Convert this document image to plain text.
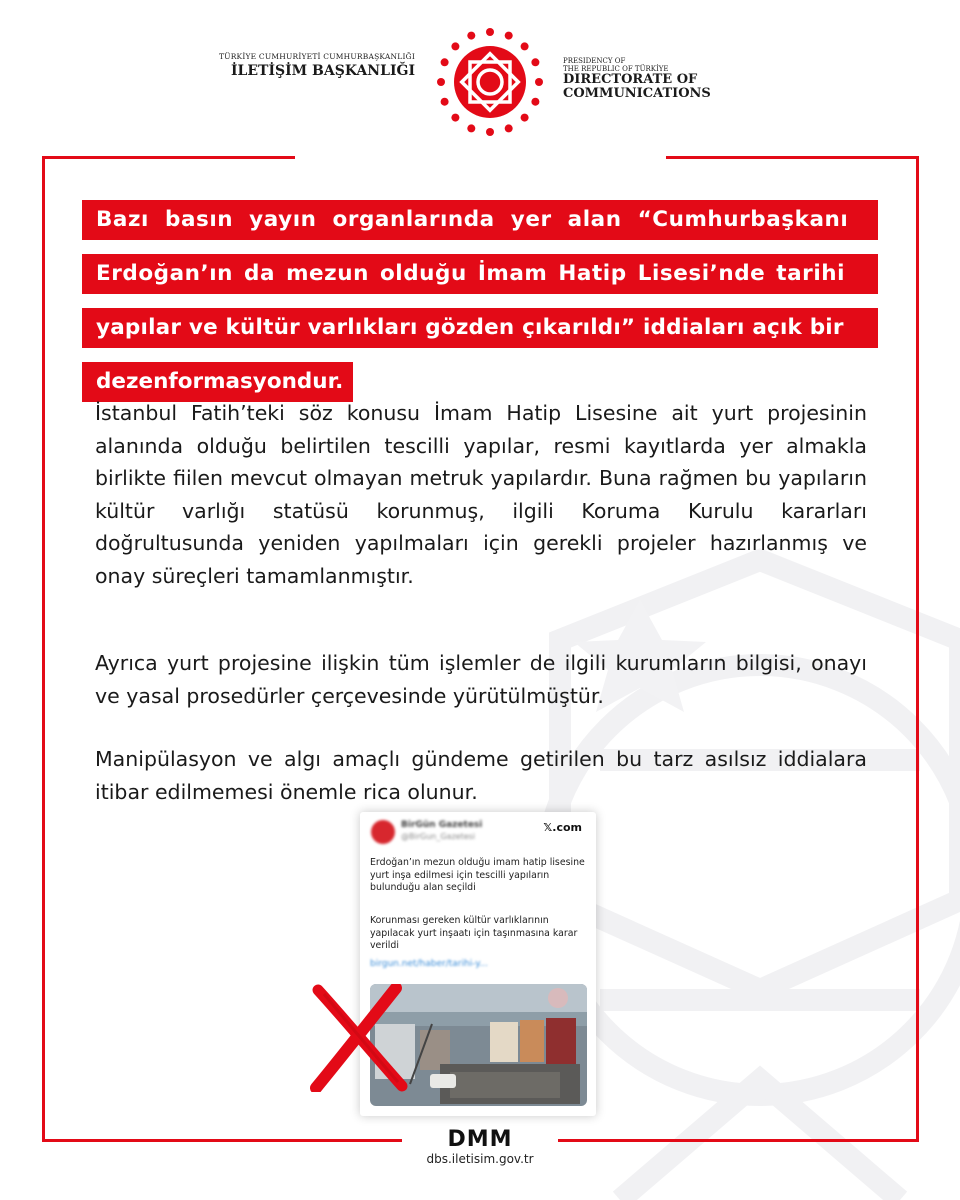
TÜRKİYE CUMHURİYETİ CUMHURBAŞKANLIĞI
İLETİŞİM BAŞKANLIĞI
PRESIDENCY OF
THE REPUBLIC OF TÜRKİYE
DIRECTORATE OF
COMMUNICATIONS
Bazı basın yayın organlarında yer alan “Cumhurbaşkanı
Erdoğan’ın da mezun olduğu İmam Hatip Lisesi’nde tarihi
yapılar ve kültür varlıkları gözden çıkarıldı” iddiaları açık bir
dezenformasyondur.

İstanbul Fatih’teki söz konusu İmam Hatip Lisesine ait yurt projesinin alanında olduğu belirtilen tescilli yapılar, resmi kayıtlarda yer almakla birlikte fiilen mevcut olmayan metruk yapılardır. Buna rağmen bu yapıların kültür varlığı statüsü korunmuş, ilgili Koruma Kurulu kararları doğrultusunda yeniden yapılmaları için gerekli projeler hazırlanmış ve onay süreçleri tamamlanmıştır.

Ayrıca yurt projesine ilişkin tüm işlemler de ilgili kurumların bilgisi, onayı ve yasal prosedürler çerçevesinde yürütülmüştür.

Manipülasyon ve algı amaçlı gündeme getirilen bu tarz asılsız iddialara itibar edilmemesi önemle rica olunur.

BirGün Gazetesi
@BirGun_Gazetesi
𝕏.com
Erdoğan’ın mezun olduğu imam hatip lisesine yurt inşa edilmesi için tescilli yapıların bulunduğu alan seçildi
Korunması gereken kültür varlıklarının yapılacak yurt inşaatı için taşınmasına karar verildi
birgun.net/haber/tarihi-y...
DMM
dbs.iletisim.gov.tr
